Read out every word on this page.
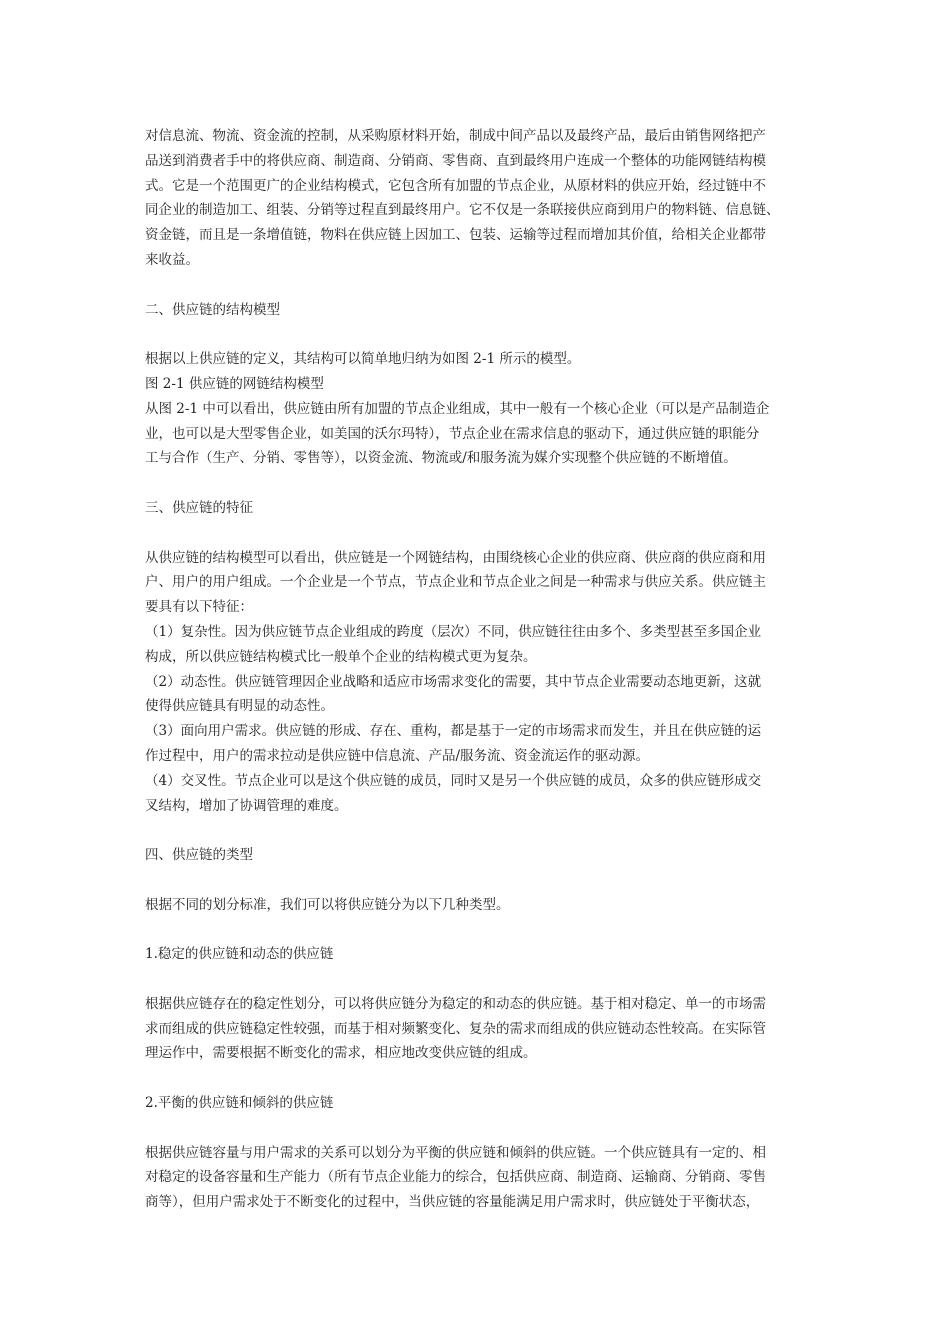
对信息流、物流、资金流的控制，从采购原材料开始，制成中间产品以及最终产品，最后由销售网络把产
品送到消费者手中的将供应商、制造商、分销商、零售商、直到最终用户连成一个整体的功能网链结构模
式。它是一个范围更广的企业结构模式，它包含所有加盟的节点企业，从原材料的供应开始，经过链中不
同企业的制造加工、组装、分销等过程直到最终用户。它不仅是一条联接供应商到用户的物料链、信息链、
资金链，而且是一条增值链，物料在供应链上因加工、包装、运输等过程而增加其价值，给相关企业都带
来收益。
二、供应链的结构模型
根据以上供应链的定义，其结构可以简单地归纳为如图 2-1 所示的模型。
图 2-1 供应链的网链结构模型
从图 2-1 中可以看出，供应链由所有加盟的节点企业组成，其中一般有一个核心企业（可以是产品制造企
业，也可以是大型零售企业，如美国的沃尔玛特），节点企业在需求信息的驱动下，通过供应链的职能分
工与合作（生产、分销、零售等），以资金流、物流或/和服务流为媒介实现整个供应链的不断增值。
三、供应链的特征
从供应链的结构模型可以看出，供应链是一个网链结构，由围绕核心企业的供应商、供应商的供应商和用
户、用户的用户组成。一个企业是一个节点，节点企业和节点企业之间是一种需求与供应关系。供应链主
要具有以下特征：
（1）复杂性。因为供应链节点企业组成的跨度（层次）不同，供应链往往由多个、多类型甚至多国企业
构成，所以供应链结构模式比一般单个企业的结构模式更为复杂。
（2）动态性。供应链管理因企业战略和适应市场需求变化的需要，其中节点企业需要动态地更新，这就
使得供应链具有明显的动态性。
（3）面向用户需求。供应链的形成、存在、重构，都是基于一定的市场需求而发生，并且在供应链的运
作过程中，用户的需求拉动是供应链中信息流、产品/服务流、资金流运作的驱动源。
（4）交叉性。节点企业可以是这个供应链的成员，同时又是另一个供应链的成员，众多的供应链形成交
叉结构，增加了协调管理的难度。
四、供应链的类型
根据不同的划分标准，我们可以将供应链分为以下几种类型。
1.稳定的供应链和动态的供应链
根据供应链存在的稳定性划分，可以将供应链分为稳定的和动态的供应链。基于相对稳定、单一的市场需
求而组成的供应链稳定性较强，而基于相对频繁变化、复杂的需求而组成的供应链动态性较高。在实际管
理运作中，需要根据不断变化的需求，相应地改变供应链的组成。
2.平衡的供应链和倾斜的供应链
根据供应链容量与用户需求的关系可以划分为平衡的供应链和倾斜的供应链。一个供应链具有一定的、相
对稳定的设备容量和生产能力（所有节点企业能力的综合，包括供应商、制造商、运输商、分销商、零售
商等），但用户需求处于不断变化的过程中，当供应链的容量能满足用户需求时，供应链处于平衡状态，
